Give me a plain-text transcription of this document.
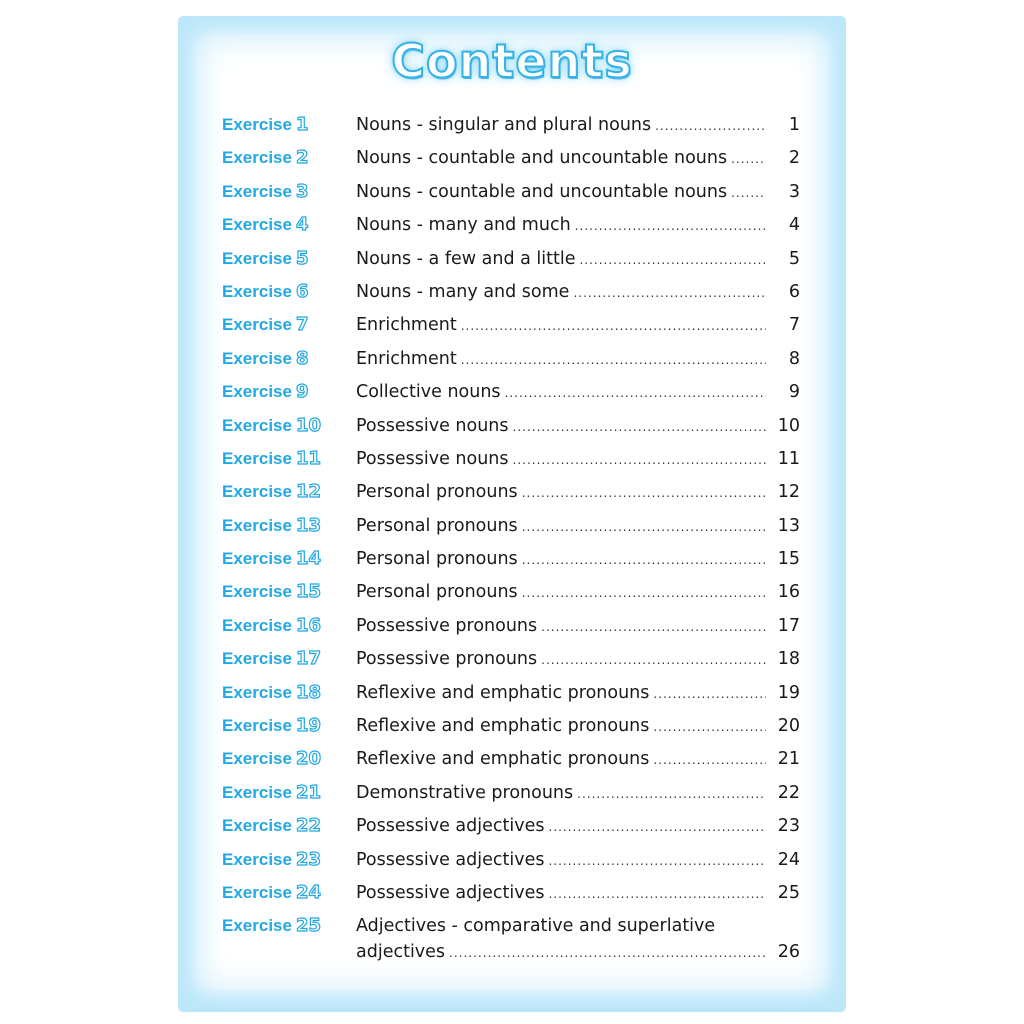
Contents
Exercise 1	Nouns - singular and plural nouns .....	1
Exercise 2	Nouns - countable and uncountable nouns .....	2
Exercise 3	Nouns - countable and uncountable nouns .....	3
Exercise 4	Nouns - many and much .....	4
Exercise 5	Nouns - a few and a little .....	5
Exercise 6	Nouns - many and some .....	6
Exercise 7	Enrichment .....	7
Exercise 8	Enrichment .....	8
Exercise 9	Collective nouns .....	9
Exercise 10 Possessive nouns .....	10
Exercise 11 Possessive nouns .....	11
Exercise 12 Personal pronouns .....	12
Exercise 13 Personal pronouns .....	13
Exercise 14 Personal pronouns .....	15
Exercise 15 Personal pronouns .....	16
Exercise 16 Possessive pronouns .....	17
Exercise 17 Possessive pronouns .....	18
Exercise 18 Reflexive and emphatic pronouns .....	19
Exercise 19 Reflexive and emphatic pronouns .....	20
Exercise 20 Reflexive and emphatic pronouns .....	21
Exercise 21 Demonstrative pronouns .....	22
Exercise 22 Possessive adjectives .....	23
Exercise 23 Possessive adjectives .....	24
Exercise 24 Possessive adjectives .....	25
Exercise 25 Adjectives - comparative and superlative
adjectives .....	26
